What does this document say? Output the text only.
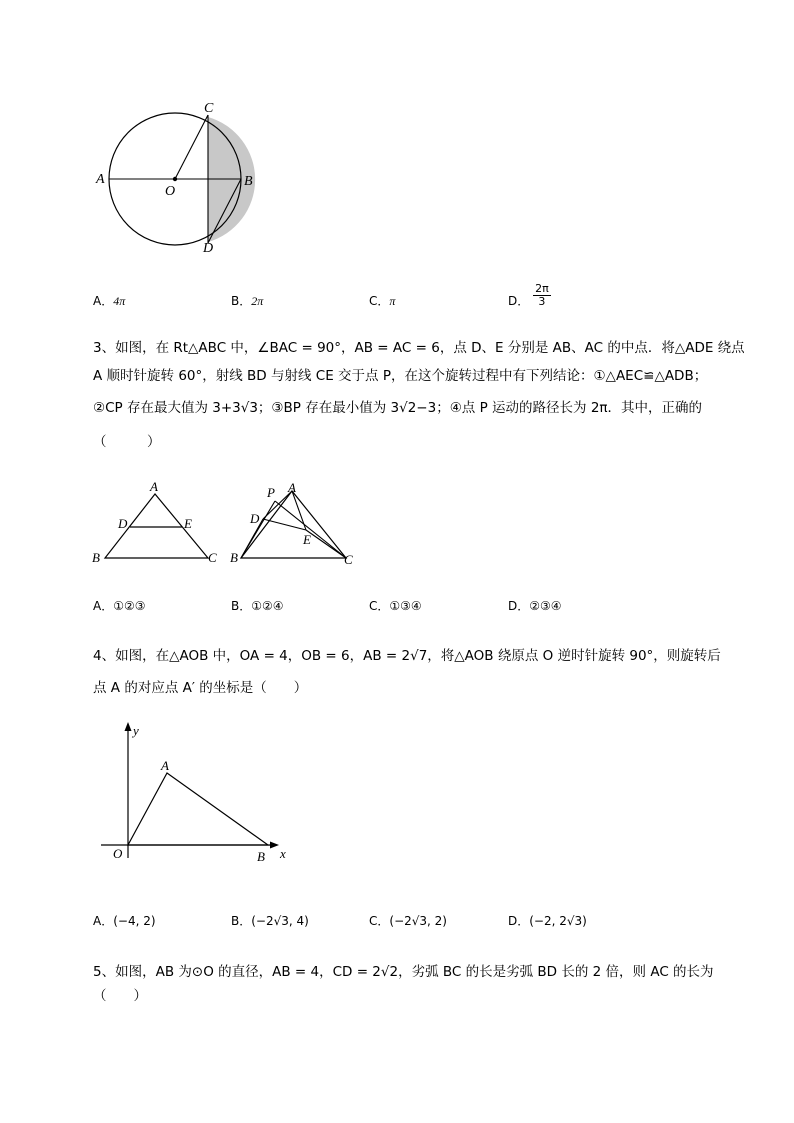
C
A
O
B
D
A．4π	B．2π	C．π	D． $\frac{2\pi}{3}$
3、如图，在 Rt△ABC 中，∠BAC = 90°，AB = AC = 6，点 D、E 分别是 AB、AC 的中点．将△ADE 绕点
A 顺时针旋转 60°，射线 BD 与射线 CE 交于点 P，在这个旋转过程中有下列结论：①△AEC≌△ADB；
②CP 存在最大值为 3+3√3；③BP 存在最小值为 3√2−3；④点 P 运动的路径长为 2π．其中，正确的
（　　　）
A
D	E
B	C
P A
D
E
B	C
A．①②③	B．①②④	C．①③④	D．②③④
4、如图，在△AOB 中，OA = 4，OB = 6，AB = 2√7，将△AOB 绕原点 O 逆时针旋转 90°，则旋转后
点 A 的对应点 A′ 的坐标是（　　）
y
A
O	B x
A．(−4, 2)	B．(−2√3, 4)	C．(−2√3, 2)	D．(−2, 2√3)
5、如图，AB 为⊙O 的直径，AB = 4，CD = 2√2，劣弧 BC 的长是劣弧 BD 长的 2 倍，则 AC 的长为
（　　）
